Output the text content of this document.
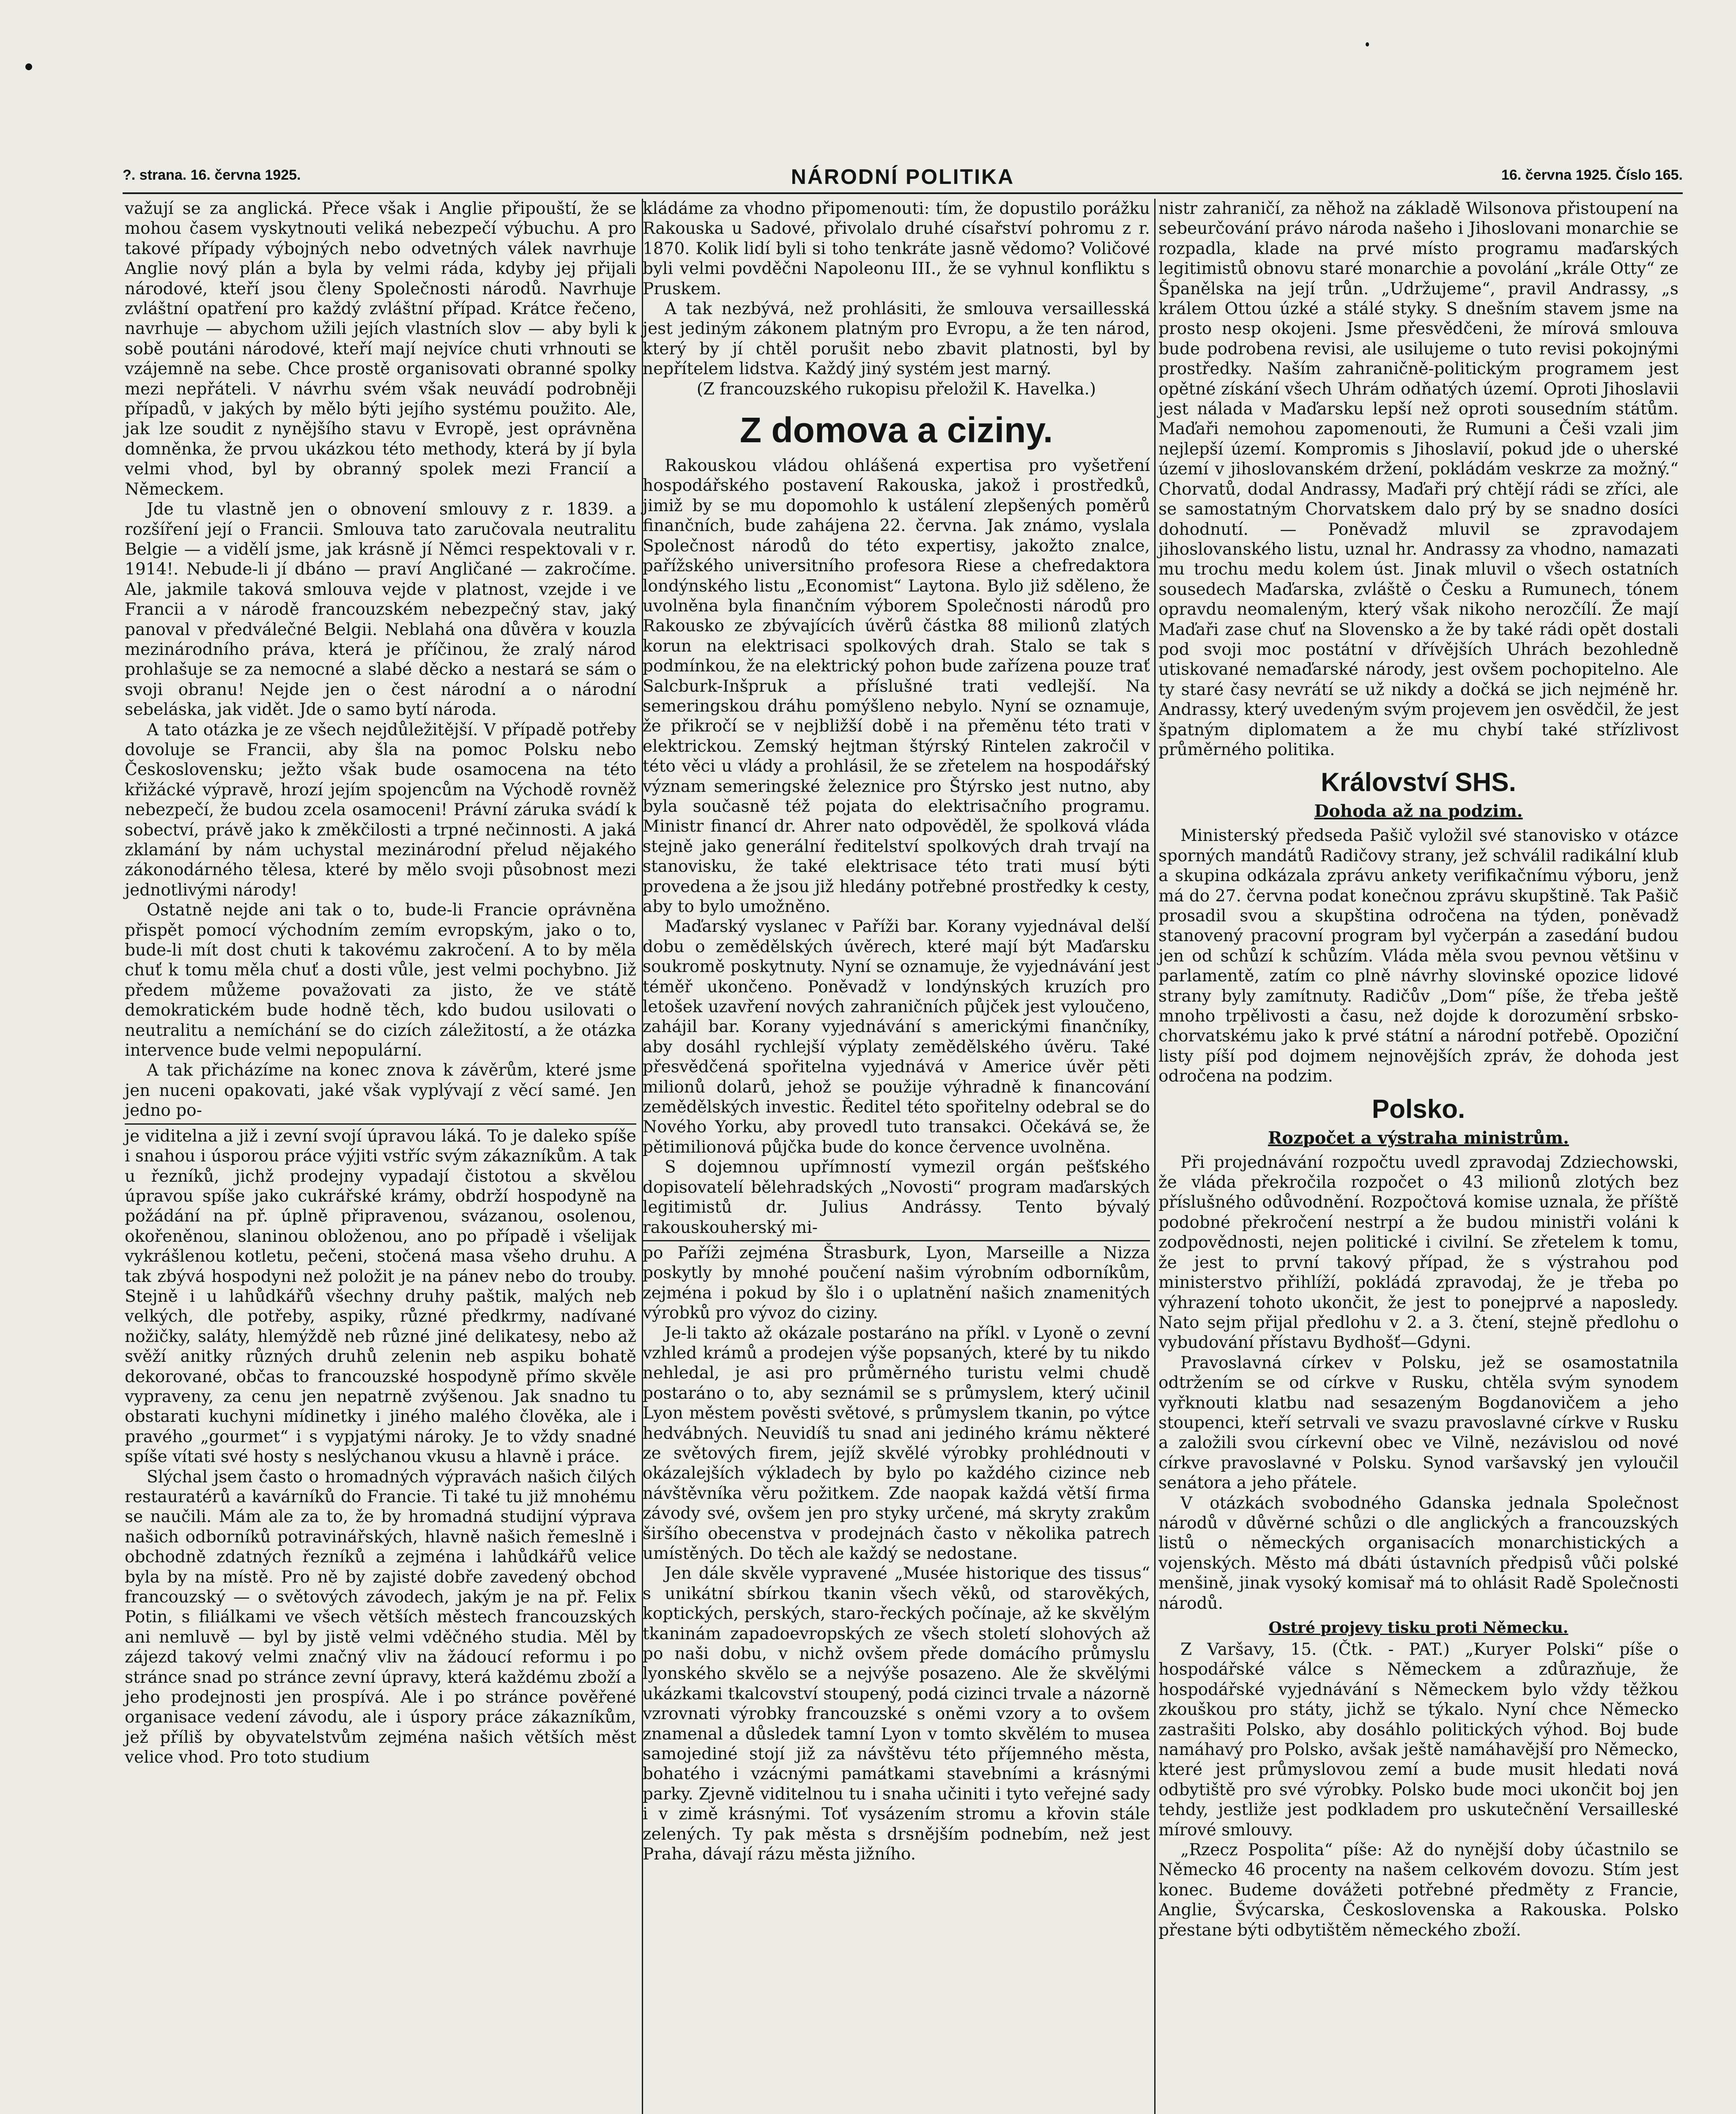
?. strana. 16. června 1925.	NÁRODNÍ POLITIKA	16. června 1925. Číslo 165.

važují se za anglická. Přece však i Anglie připouští, že se mohou časem vyskytnouti veliká nebezpečí výbuchu. A pro takové případy výbojných nebo odvetných válek navrhuje Anglie nový plán a byla by velmi ráda, kdyby jej přijali národové, kteří jsou členy Společnosti národů. Navrhuje zvláštní opatření pro každý zvláštní případ. Krátce řečeno, navrhuje — abychom užili jejích vlastních slov — aby byli k sobě poutáni národové, kteří mají nejvíce chuti vrhnouti se vzájemně na sebe. Chce prostě organisovati obranné spolky mezi nepřáteli. V návrhu svém však neuvádí podrobněji případů, v jakých by mělo býti jejího systému použito. Ale, jak lze soudit z nynějšího stavu v Evropě, jest oprávněna domněnka, že prvou ukázkou této methody, která by jí byla velmi vhod, byl by obranný spolek mezi Francií a Německem.

Jde tu vlastně jen o obnovení smlouvy z r. 1839. a rozšíření její o Francii. Smlouva tato zaručovala neutralitu Belgie — a vidělí jsme, jak krásně jí Němci respektovali v r. 1914!. Nebude-li jí dbáno — praví Angličané — zakročíme. Ale, jakmile taková smlouva vejde v platnost, vzejde i ve Francii a v národě francouzském nebezpečný stav, jaký panoval v předválečné Belgii. Neblahá ona důvěra v kouzla mezinárodního práva, která je příčinou, že zralý národ prohlašuje se za nemocné a slabé děcko a nestará se sám o svoji obranu! Nejde jen o čest národní a o národní sebeláska, jak vidět. Jde o samo bytí národa.

A tato otázka je ze všech nejdůležitější. V případě potřeby dovoluje se Francii, aby šla na pomoc Polsku nebo Československu; ježto však bude osamocena na této křižácké výpravě, hrozí jejím spojencům na Východě rovněž nebezpečí, že budou zcela osamoceni! Právní záruka svádí k sobectví, právě jako k změkčilosti a trpné nečinnosti. A jaká zklamání by nám uchystal mezinárodní přelud nějakého zákonodárného tělesa, které by mělo svoji působnost mezi jednotlivými národy!

Ostatně nejde ani tak o to, bude-li Francie oprávněna přispět pomocí východním zemím evropským, jako o to, bude-li mít dost chuti k takovému zakročení. A to by měla chuť k tomu měla chuť a dosti vůle, jest velmi pochybno. Již předem můžeme považovati za jisto, že ve státě demokratickém bude hodně těch, kdo budou usilovati o neutralitu a nemíchání se do cizích záležitostí, a že otázka intervence bude velmi nepopulární.

A tak přicházíme na konec znova k závěrům, které jsme jen nuceni opakovati, jaké však vyplývají z věcí samé. Jen jedno po-

je viditelna a již i zevní svojí úpravou láká. To je daleko spíše i snahou i úsporou práce výjiti vstříc svým zákazníkům. A tak u řezníků, jichž prodejny vypadají čistotou a skvělou úpravou spíše jako cukrářské krámy, obdrží hospodyně na požádání na př. úplně připravenou, svázanou, osolenou, okořeněnou, slaninou obloženou, ano po případě i všelijak vykrášlenou kotletu, pečeni, stočená masa všeho druhu. A tak zbývá hospodyni než položit je na pánev nebo do trouby. Stejně i u lahůdkářů všechny druhy paštik, malých neb velkých, dle potřeby, aspiky, různé předkrmy, nadívané nožičky, saláty, hlemýždě neb různé jiné delikatesy, nebo až svěží anitky různých druhů zelenin neb aspiku bohatě dekorované, občas to francouzské hospodyně přímo skvěle vypraveny, za cenu jen nepatrně zvýšenou. Jak snadno tu obstarati kuchyni mídinetky i jiného malého člověka, ale i pravého „gourmet“ i s vypjatými nároky. Je to vždy snadné spíše vítati své hosty s neslýchanou vkusu a hlavně i práce.

Slýchal jsem často o hromadných výpravách našich čilých restauratérů a kavárníků do Francie. Ti také tu již mnohému se naučili. Mám ale za to, že by hromadná studijní výprava našich odborníků potravinářských, hlavně našich řemeslně i obchodně zdatných řezníků a zejména i lahůdkářů velice byla by na místě. Pro ně by zajisté dobře zavedený obchod francouzský — o světových závodech, jakým je na př. Felix Potin, s filiálkami ve všech větších městech francouzských ani nemluvě — byl by jistě velmi vděčného studia. Měl by zájezd takový velmi značný vliv na žádoucí reformu i po stránce snad po stránce zevní úpravy, která každému zboží a jeho prodejnosti jen prospívá. Ale i po stránce pověřené organisace vedení závodu, ale i úspory práce zákazníkům, jež příliš by obyvatelstvům zejména našich větších měst velice vhod. Pro toto studium

kládáme za vhodno připomenouti: tím, že dopustilo porážku Rakouska u Sadové, přivolalo druhé císařství pohromu z r. 1870. Kolik lidí byli si toho tenkráte jasně vědomo? Voličové byli velmi povděčni Napoleonu III., že se vyhnul konfliktu s Pruskem.

A tak nezbývá, než prohlásiti, že smlouva versaillesská jest jediným zákonem platným pro Evropu, a že ten národ, který by jí chtěl porušit nebo zbavit platnosti, byl by nepřítelem lidstva. Každý jiný systém jest marný.

(Z francouzského rukopisu přeložil K. Havelka.)

Z domova a ciziny.

Rakouskou vládou ohlášená expertisa pro vyšetření hospodářského postavení Rakouska, jakož i prostředků, jimiž by se mu dopomohlo k ustálení zlepšených poměrů finančních, bude zahájena 22. června. Jak známo, vyslala Společnost národů do této expertisy, jakožto znalce, pařížského universitního profesora Riese a chefredaktora londýnského listu „Economist“ Laytona. Bylo již sděleno, že uvolněna byla finančním výborem Společnosti národů pro Rakousko ze zbývajících úvěrů částka 88 milionů zlatých korun na elektrisaci spolkových drah. Stalo se tak s podmínkou, že na elektrický pohon bude zařízena pouze trať Salcburk-Inšpruk a příslušné trati vedlejší. Na semeringskou dráhu pomýšleno nebylo. Nyní se oznamuje, že přikročí se v nejbližší době i na přeměnu této trati v elektrickou. Zemský hejtman štýrský Rintelen zakročil v této věci u vlády a prohlásil, že se zřetelem na hospodářský význam semeringské železnice pro Štýrsko jest nutno, aby byla současně též pojata do elektrisačního programu. Ministr financí dr. Ahrer nato odpověděl, že spolková vláda stejně jako generální ředitelství spolkových drah trvají na stanovisku, že také elektrisace této trati musí býti provedena a že jsou již hledány potřebné prostředky k cesty, aby to bylo umožněno.

Maďarský vyslanec v Paříži bar. Korany vyjednával delší dobu o zemědělských úvěrech, které mají být Maďarsku soukromě poskytnuty. Nyní se oznamuje, že vyjednávání jest téměř ukončeno. Poněvadž v londýnských kruzích pro letošek uzavření nových zahraničních půjček jest vyloučeno, zahájil bar. Korany vyjednávání s americkými finančníky, aby dosáhl rychlejší výplaty zemědělského úvěru. Také přesvědčená spořitelna vyjednává v Americe úvěr pěti milionů dolarů, jehož se použije výhradně k financování zemědělských investic. Ředitel této spořitelny odebral se do Nového Yorku, aby provedl tuto transakci. Očekává se, že pětimilionová půjčka bude do konce července uvolněna.

S dojemnou upřímností vymezil orgán pešťského dopisovatelí bělehradských „Novosti“ program maďarských legitimistů dr. Julius Andrássy. Tento bývalý rakouskouherský mi-

po Paříži zejména Štrasburk, Lyon, Marseille a Nizza poskytly by mnohé poučení našim výrobním odborníkům, zejména i pokud by šlo i o uplatnění našich znamenitých výrobků pro vývoz do ciziny.

Je-li takto až okázale postaráno na příkl. v Lyoně o zevní vzhled krámů a prodejen výše popsaných, které by tu nikdo nehledal, je asi pro průměrného turistu velmi chudě postaráno o to, aby seznámil se s průmyslem, který učinil Lyon městem pověsti světové, s průmyslem tkanin, po výtce hedvábných. Neuvidíš tu snad ani jediného krámu některé ze světových firem, jejíž skvělé výrobky prohlédnouti v okázalejších výkladech by bylo po každého cizince neb návštěvníka věru požitkem. Zde naopak každá větší firma závody své, ovšem jen pro styky určené, má skryty zrakům širšího obecenstva v prodejnách často v několika patrech umístěných. Do těch ale každý se nedostane.

Jen dále skvěle vypravené „Musée historique des tissus“ s unikátní sbírkou tkanin všech věků, od starověkých, koptických, perských, staro-řeckých počínaje, až ke skvělým tkaninám zapadoevropských ze všech století slohových až po naši dobu, v nichž ovšem přede domácího průmyslu lyonského skvělo se a nejvýše posazeno. Ale že skvělými ukázkami tkalcovství stoupený, podá cizinci trvale a názorně vzrovnati výrobky francouzské s oněmi vzory a to ovšem znamenal a důsledek tamní Lyon v tomto skvělém to musea samojediné stojí již za návštěvu této příjemného města, bohatého i vzácnými památkami stavebními a krásnými parky. Zjevně viditelnou tu i snaha učiniti i tyto veřejné sady i v zimě krásnými. Toť vysázením stromu a křovin stále zelených. Ty pak města s drsnějším podnebím, než jest Praha, dávají rázu města jižního.

nistr zahraničí, za něhož na základě Wilsonova přistoupení na sebeurčování právo národa našeho i Jihoslovani monarchie se rozpadla, klade na prvé místo programu maďarských legitimistů obnovu staré monarchie a povolání „krále Otty“ ze Španělska na její trůn. „Udržujeme“, pravil Andrassy, „s králem Ottou úzké a stálé styky. S dnešním stavem jsme na prosto nesp okojeni. Jsme přesvědčeni, že mírová smlouva bude podrobena revisi, ale usilujeme o tuto revisi pokojnými prostředky. Naším zahraničně-politickým programem jest opětné získání všech Uhrám odňatých území. Oproti Jihoslavii jest nálada v Maďarsku lepší než oproti sousedním státům. Maďaři nemohou zapomenouti, že Rumuni a Češi vzali jim nejlepší území. Kompromis s Jihoslavií, pokud jde o uherské území v jihoslovanském držení, pokládám veskrze za možný.“ Chorvatů, dodal Andrassy, Maďaři prý chtějí rádi se zříci, ale se samostatným Chorvatskem dalo prý by se snadno dosíci dohodnutí. — Poněvadž mluvil se zpravodajem jihoslovanského listu, uznal hr. Andrassy za vhodno, namazati mu trochu medu kolem úst. Jinak mluvil o všech ostatních sousedech Maďarska, zvláště o Česku a Rumunech, tónem opravdu neomaleným, který však nikoho nerozčílí. Že mají Maďaři zase chuť na Slovensko a že by také rádi opět dostali pod svoji moc postátní v dřívějších Uhrách bezohledně utiskované nemaďarské národy, jest ovšem pochopitelno. Ale ty staré časy nevrátí se už nikdy a dočká se jich nejméně hr. Andrassy, který uvedeným svým projevem jen osvědčil, že jest špatným diplomatem a že mu chybí také střízlivost průměrného politika.

Království SHS.
Dohoda až na podzim.

Ministerský předseda Pašič vyložil své stanovisko v otázce sporných mandátů Radičovy strany, jež schválil radikální klub a skupina odkázala zprávu ankety verifikačnímu výboru, jenž má do 27. června podat konečnou zprávu skupštině. Tak Pašič prosadil svou a skupština odročena na týden, poněvadž stanovený pracovní program byl vyčerpán a zasedání budou jen od schůzí k schůzím. Vláda měla svou pevnou většinu v parlamentě, zatím co plně návrhy slovinské opozice lidové strany byly zamítnuty. Radičův „Dom“ píše, že třeba ještě mnoho trpělivosti a času, než dojde k dorozumění srbsko-chorvatskému jako k prvé státní a národní potřebě. Opoziční listy píší pod dojmem nejnovějších zpráv, že dohoda jest odročena na podzim.

Polsko.
Rozpočet a výstraha ministrům.

Při projednávání rozpočtu uvedl zpravodaj Zdziechowski, že vláda překročila rozpočet o 43 milionů zlotých bez příslušného odůvodnění. Rozpočtová komise uznala, že příště podobné překročení nestrpí a že budou ministři voláni k zodpovědnosti, nejen politické i civilní. Se zřetelem k tomu, že jest to první takový případ, že s výstrahou pod ministerstvo přihlíží, pokládá zpravodaj, že je třeba po výhrazení tohoto ukončit, že jest to ponejprvé a naposledy. Nato sejm přijal předlohu v 2. a 3. čtení, stejně předlohu o vybudování přístavu Bydhošť—Gdyni.

Pravoslavná církev v Polsku, jež se osamostatnila odtržením se od církve v Rusku, chtěla svým synodem vyřknouti klatbu nad sesazeným Bogdanovičem a jeho stoupenci, kteří setrvali ve svazu pravoslavné církve v Rusku a založili svou církevní obec ve Vilně, nezávislou od nové církve pravoslavné v Polsku. Synod varšavský jen vyloučil senátora a jeho přátele.

V otázkách svobodného Gdanska jednala Společnost národů v důvěrné schůzi o dle anglických a francouzských listů o německých organisacích monarchistických a vojenských. Město má dbáti ústavních předpisů vůči polské menšině, jinak vysoký komisař má to ohlásit Radě Společnosti národů.

Ostré projevy tisku proti Německu.

Z Varšavy, 15. (Čtk. - PAT.) „Kuryer Polski“ píše o hospodářské válce s Německem a zdůrazňuje, že hospodářské vyjednávání s Německem bylo vždy těžkou zkouškou pro státy, jichž se týkalo. Nyní chce Německo zastrašiti Polsko, aby dosáhlo politických výhod. Boj bude namáhavý pro Polsko, avšak ještě namáhavější pro Německo, které jest průmyslovou zemí a bude musit hledati nová odbytiště pro své výrobky. Polsko bude moci ukončit boj jen tehdy, jestliže jest podkladem pro uskutečnění Versailleské mírové smlouvy.

„Rzecz Pospolita“ píše: Až do nynější doby účastnilo se Německo 46 procenty na našem celkovém dovozu. Stím jest konec. Budeme dovážeti potřebné předměty z Francie, Anglie, Švýcarska, Československa a Rakouska. Polsko přestane býti odbytištěm německého zboží.
